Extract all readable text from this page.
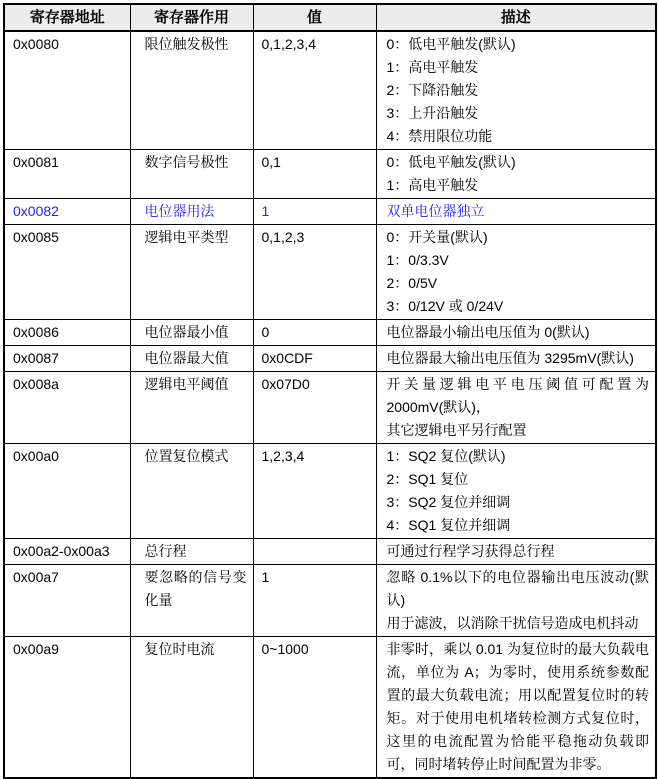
寄存器地址	寄存器作用	值	描述
0x0080	限位触发极性	0,1,2,3,4	0：低电平触发(默认)
1：高电平触发
2：下降沿触发
3：上升沿触发
4：禁用限位功能

0x0081	数字信号极性	0,1	0：低电平触发(默认)
1：高电平触发

0x0082	电位器用法	1	双单电位器独立

0x0085	逻辑电平类型	0,1,2,3	0：开关量(默认)
1：0/3.3V
2：0/5V
3：0/12V 或 0/24V

0x0086	电位器最小值	0	电位器最小输出电压值为 0(默认)

0x0087	电位器最大值	0x0CDF	电位器最大输出电压值为 3295mV(默认)

0x008a	逻辑电平阈值	0x07D0	开关量逻辑电平电压阈值可配置为 2000mV(默认)，
其它逻辑电平另行配置

0x00a0	位置复位模式	1,2,3,4	1：SQ2 复位(默认)
2：SQ1 复位
3：SQ2 复位并细调
4：SQ1 复位并细调

0x00a2-0x00a3	总行程		可通过行程学习获得总行程

0x00a7	要忽略的信号变化量	1	忽略 0.1%以下的电位器输出电压波动(默认)
用于滤波，以消除干扰信号造成电机抖动

0x00a9	复位时电流	0~1000	非零时，乘以 0.01 为复位时的最大负载电流，单位为 A；为零时，使用系统参数配置的最大负载电流；用以配置复位时的转矩。对于使用电机堵转检测方式复位时，这里的电流配置为恰能平稳拖动负载即可，同时堵转停止时间配置为非零。
